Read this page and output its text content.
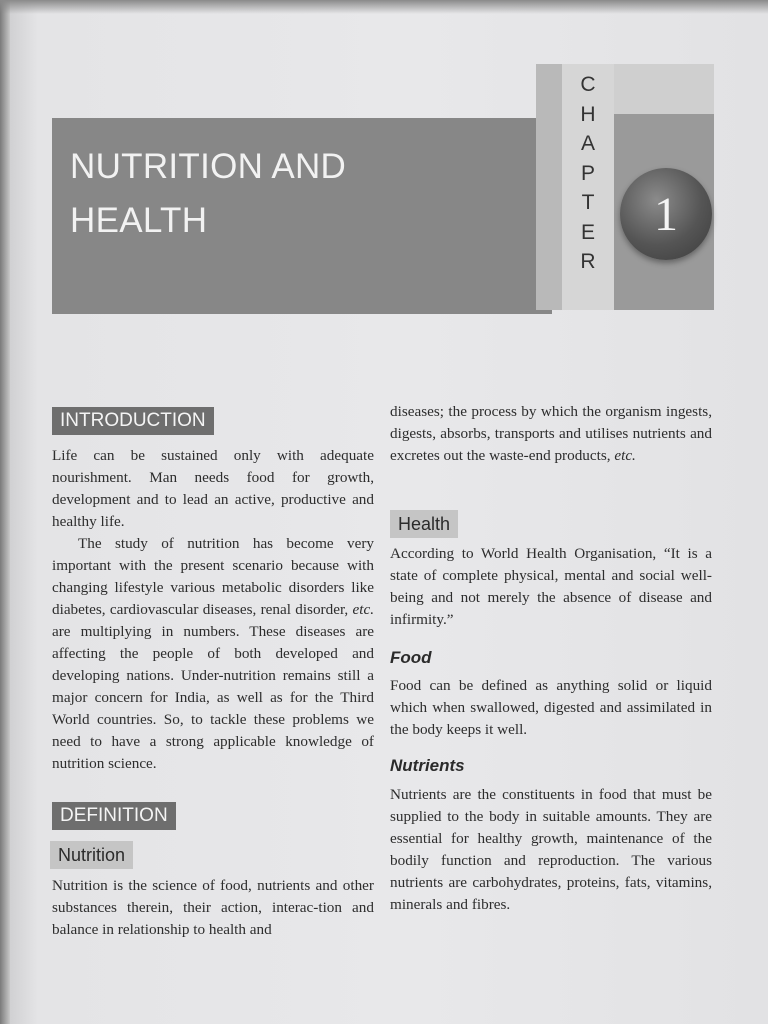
NUTRITION AND
HEALTH
C
H
A
P
T
E
R
1
INTRODUCTION
Life can be sustained only with adequate nourishment. Man needs food for growth, development and to lead an active, productive and healthy life.
The study of nutrition has become very important with the present scenario because with changing lifestyle various metabolic disorders like diabetes, cardiovascular diseases, renal disorder, etc. are multiplying in numbers. These diseases are affecting the people of both developed and developing nations. Under-nutrition remains still a major concern for India, as well as for the Third World countries. So, to tackle these problems we need to have a strong applicable knowledge of nutrition science.
DEFINITION
Nutrition
Nutrition is the science of food, nutrients and other substances therein, their action, interac-tion and balance in relationship to health and
diseases; the process by which the organism ingests, digests, absorbs, transports and utilises nutrients and excretes out the waste-end products, etc.
Health
According to World Health Organisation, “It is a state of complete physical, mental and social well-being and not merely the absence of disease and infirmity.”
Food
Food can be defined as anything solid or liquid which when swallowed, digested and assimilated in the body keeps it well.
Nutrients
Nutrients are the constituents in food that must be supplied to the body in suitable amounts. They are essential for healthy growth, maintenance of the bodily function and reproduction. The various nutrients are carbohydrates, proteins, fats, vitamins, minerals and fibres.
